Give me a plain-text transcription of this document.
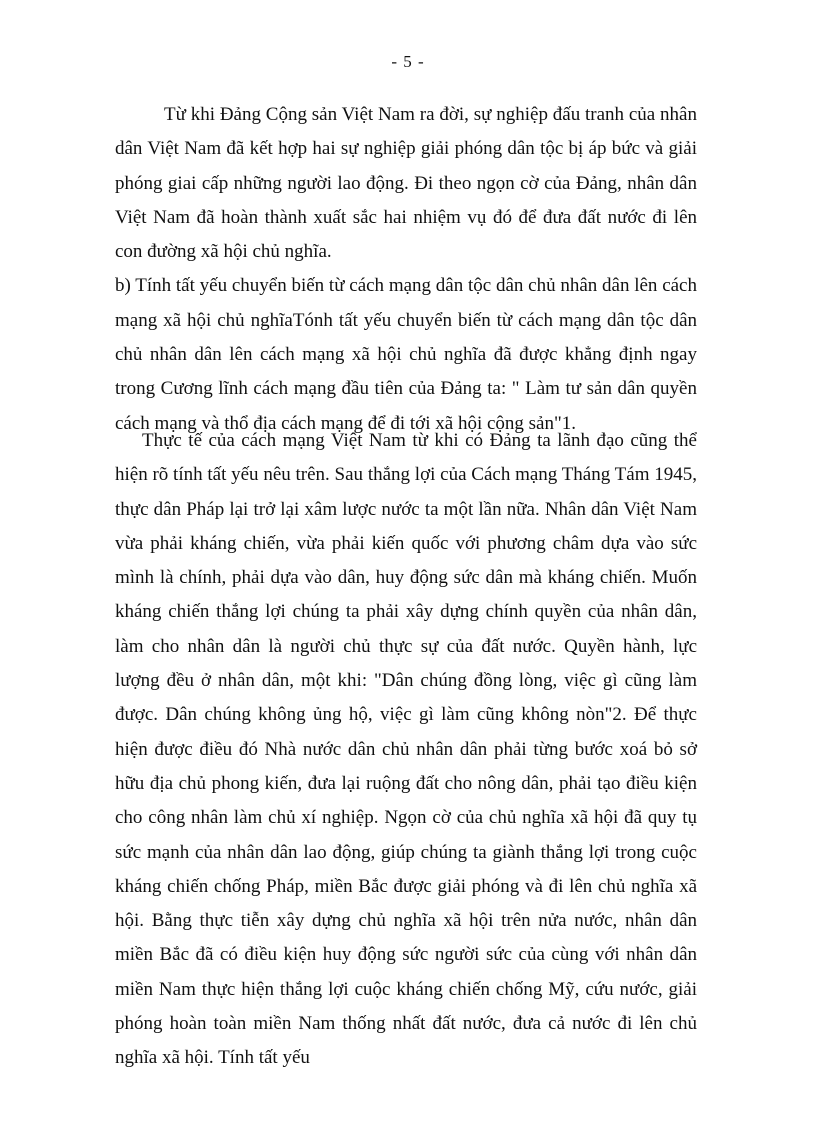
- 5 -

Từ khi Đảng Cộng sản Việt Nam ra đời, sự nghiệp đấu tranh của nhân dân Việt Nam đã kết hợp hai sự nghiệp giải phóng dân tộc bị áp bức và giải phóng giai cấp những người lao động. Đi theo ngọn cờ của Đảng, nhân dân Việt Nam đã hoàn thành xuất sắc hai nhiệm vụ đó để đưa đất nước đi lên con đường xã hội chủ nghĩa.

b) Tính tất yếu chuyển biến từ cách mạng dân tộc dân chủ nhân dân lên cách mạng xã hội chủ nghĩaTónh tất yếu chuyển biến từ cách mạng dân tộc dân chủ nhân dân lên cách mạng xã hội chủ nghĩa đã được khẳng định ngay trong Cương lĩnh cách mạng đầu tiên của Đảng ta: " Làm tư sản dân quyền cách mạng và thổ địa cách mạng để đi tới xã hội cộng sản"1.

Thực tế của cách mạng Việt Nam từ khi có Đảng ta lãnh đạo cũng thể hiện rõ tính tất yếu nêu trên. Sau thắng lợi của Cách mạng Tháng Tám 1945, thực dân Pháp lại trở lại xâm lược nước ta một lần nữa. Nhân dân Việt Nam vừa phải kháng chiến, vừa phải kiến quốc với phương châm dựa vào sức mình là chính, phải dựa vào dân, huy động sức dân mà kháng chiến. Muốn kháng chiến thắng lợi chúng ta phải xây dựng chính quyền của nhân dân, làm cho nhân dân là người chủ thực sự của đất nước. Quyền hành, lực lượng đều ở nhân dân, một khi: "Dân chúng đồng lòng, việc gì cũng làm được. Dân chúng không ủng hộ, việc gì làm cũng không nòn"2. Để thực hiện được điều đó Nhà nước dân chủ nhân dân phải từng bước xoá bỏ sở hữu địa chủ phong kiến, đưa lại ruộng đất cho nông dân, phải tạo điều kiện cho công nhân làm chủ xí nghiệp. Ngọn cờ của chủ nghĩa xã hội đã quy tụ sức mạnh của nhân dân lao động, giúp chúng ta giành thắng lợi trong cuộc kháng chiến chống Pháp, miền Bắc được giải phóng và đi lên chủ nghĩa xã hội. Bằng thực tiễn xây dựng chủ nghĩa xã hội trên nửa nước, nhân dân miền Bắc đã có điều kiện huy động sức người sức của cùng với nhân dân miền Nam thực hiện thắng lợi cuộc kháng chiến chống Mỹ, cứu nước, giải phóng hoàn toàn miền Nam thống nhất đất nước, đưa cả nước đi lên chủ nghĩa xã hội. Tính tất yếu
